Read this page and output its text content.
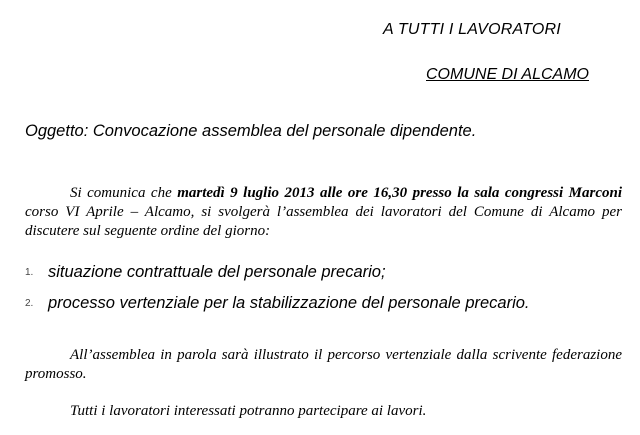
A TUTTI I LAVORATORI
COMUNE DI ALCAMO
Oggetto: Convocazione assemblea del personale dipendente.

Si comunica che martedì 9 luglio 2013 alle ore 16,30 presso la sala congressi Marconi corso VI Aprile – Alcamo, si svolgerà l’assemblea dei lavoratori del Comune di Alcamo per discutere sul seguente ordine del giorno:

1. situazione contrattuale del personale precario;
2. processo vertenziale per la stabilizzazione del personale precario.

All’assemblea in parola sarà illustrato il percorso vertenziale dalla scrivente federazione promosso.

Tutti i lavoratori interessati potranno partecipare ai lavori.
